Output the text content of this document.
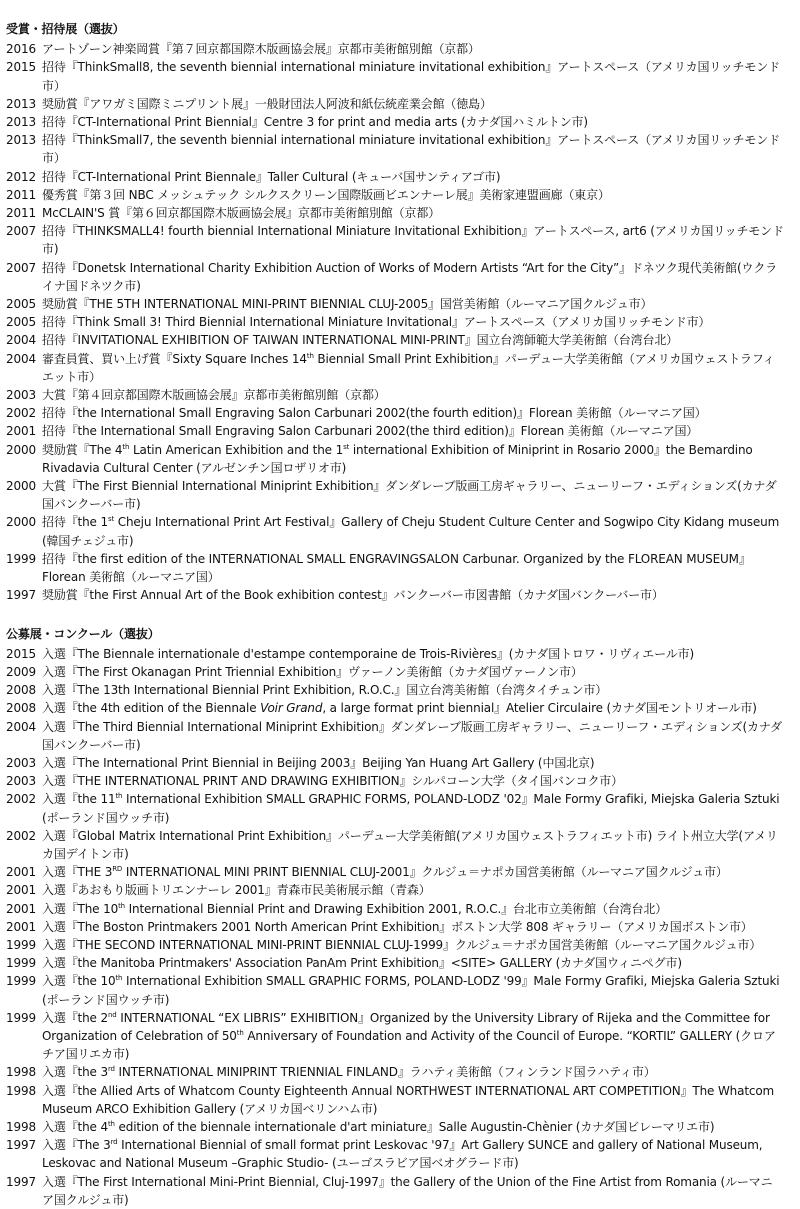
受賞・招待展（選抜）
2016 アートゾーン神楽岡賞『第７回京都国際木版画協会展』京都市美術館別館（京都）
2015 招待『ThinkSmall8, the seventh biennial international miniature invitational exhibition』アートスペース（アメリカ国リッチモンド市）
2013 奨励賞『アワガミ国際ミニプリント展』一般財団法人阿波和紙伝統産業会館（徳島）
2013 招待『CT-International Print Biennial』Centre 3 for print and media arts (カナダ国ハミルトン市)
2013 招待『ThinkSmall7, the seventh biennial international miniature invitational exhibition』アートスペース（アメリカ国リッチモンド市）
2012 招待『CT-International Print Biennale』Taller Cultural (キューバ国サンティアゴ市)
2011 優秀賞『第３回 NBC メッシュテック シルクスクリーン国際版画ビエンナーレ展』美術家連盟画廊（東京）
2011 McCLAIN'S 賞『第６回京都国際木版画協会展』京都市美術館別館（京都）
2007 招待『THINKSMALL4! fourth biennial International Miniature Invitational Exhibition』アートスペース, art6 (アメリカ国リッチモンド市)
2007 招待『Donetsk International Charity Exhibition Auction of Works of Modern Artists “Art for the City”』ドネツク現代美術館(ウクライナ国ドネツク市)
2005 奨励賞『THE 5TH INTERNATIONAL MINI-PRINT BIENNIAL CLUJ-2005』国営美術館（ルーマニア国クルジュ市）
2005 招待『Think Small 3! Third Biennial International Miniature Invitational』アートスペース（アメリカ国リッチモンド市）
2004 招待『INVITATIONAL EXHIBITION OF TAIWAN INTERNATIONAL MINI-PRINT』国立台湾師範大学美術館（台湾台北）
2004 審査員賞、買い上げ賞『Sixty Square Inches 14th Biennial Small Print Exhibition』パーデュー大学美術館（アメリカ国ウェストラフィエット市）
2003 大賞『第４回京都国際木版画協会展』京都市美術館別館（京都）
2002 招待『the International Small Engraving Salon Carbunari 2002(the fourth edition)』Florean 美術館（ルーマニア国）
2001 招待『the International Small Engraving Salon Carbunari 2002(the third edition)』Florean 美術館（ルーマニア国）
2000 奨励賞『The 4th Latin American Exhibition and the 1st international Exhibition of Miniprint in Rosario 2000』the Bemardino Rivadavia Cultural Center (アルゼンチン国ロザリオ市)
2000 大賞『The First Biennial International Miniprint Exhibition』ダンダレーブ版画工房ギャラリー、ニューリーフ・エディションズ(カナダ国バンクーバー市)
2000 招待『the 1st Cheju International Print Art Festival』Gallery of Cheju Student Culture Center and Sogwipo City Kidang museum (韓国チェジュ市)
1999 招待『the first edition of the INTERNATIONAL SMALL ENGRAVINGSALON Carbunar. Organized by the FLOREAN MUSEUM』Florean 美術館（ルーマニア国）
1997 奨励賞『the First Annual Art of the Book exhibition contest』バンクーバー市図書館（カナダ国バンクーバー市）
公募展・コンクール（選抜）
2015 入選『The Biennale internationale d'estampe contemporaine de Trois-Rivières』(カナダ国トロワ・リヴィエール市)
2009 入選『The First Okanagan Print Triennial Exhibition』ヴァーノン美術館（カナダ国ヴァーノン市）
2008 入選『The 13th International Biennial Print Exhibition, R.O.C.』国立台湾美術館（台湾タイチュン市）
2008 入選『the 4th edition of the Biennale Voir Grand, a large format print biennial』Atelier Circulaire (カナダ国モントリオール市)
2004 入選『The Third Biennial International Miniprint Exhibition』ダンダレーブ版画工房ギャラリー、ニューリーフ・エディションズ(カナダ国バンクーバー市)
2003 入選『The International Print Biennial in Beijing 2003』Beijing Yan Huang Art Gallery (中国北京)
2003 入選『THE INTERNATIONAL PRINT AND DRAWING EXHIBITION』シルパコーン大学（タイ国バンコク市）
2002 入選『the 11th International Exhibition SMALL GRAPHIC FORMS, POLAND-LODZ '02』Male Formy Grafiki, Miejska Galeria Sztuki (ポーランド国ウッチ市)
2002 入選『Global Matrix International Print Exhibition』パーデュー大学美術館(アメリカ国ウェストラフィエット市) ライト州立大学(アメリカ国デイトン市)
2001 入選『THE 3RD INTERNATIONAL MINI PRINT BIENNIAL CLUJ-2001』クルジュ＝ナポカ国営美術館（ルーマニア国クルジュ市）
2001 入選『あおもり版画トリエンナーレ 2001』青森市民美術展示館（青森）
2001 入選『The 10th International Biennial Print and Drawing Exhibition 2001, R.O.C.』台北市立美術館（台湾台北）
2001 入選『The Boston Printmakers 2001 North American Print Exhibition』ボストン大学 808 ギャラリー（アメリカ国ボストン市）
1999 入選『THE SECOND INTERNATIONAL MINI-PRINT BIENNIAL CLUJ-1999』クルジュ＝ナポカ国営美術館（ルーマニア国クルジュ市）
1999 入選『the Manitoba Printmakers' Association PanAm Print Exhibition』<SITE> GALLERY (カナダ国ウィニペグ市)
1999 入選『the 10th International Exhibition SMALL GRAPHIC FORMS, POLAND-LODZ '99』Male Formy Grafiki, Miejska Galeria Sztuki (ポーランド国ウッチ市)
1999 入選『the 2nd INTERNATIONAL “EX LIBRIS” EXHIBITION』Organized by the University Library of Rijeka and the Committee for Organization of Celebration of 50th Anniversary of Foundation and Activity of the Council of Europe. “KORTIL” GALLERY (クロアチア国リエカ市)
1998 入選『the 3rd INTERNATIONAL MINIPRINT TRIENNIAL FINLAND』ラハティ美術館（フィンランド国ラハティ市）
1998 入選『the Allied Arts of Whatcom County Eighteenth Annual NORTHWEST INTERNATIONAL ART COMPETITION』The Whatcom Museum ARCO Exhibition Gallery (アメリカ国ベリンハム市)
1998 入選『the 4th edition of the biennale internationale d'art miniature』Salle Augustin-Chènier (カナダ国ビレーマリエ市)
1997 入選『The 3rd International Biennial of small format print Leskovac '97』Art Gallery SUNCE and gallery of National Museum, Leskovac and National Museum –Graphic Studio- (ユーゴスラビア国ベオグラード市)
1997 入選『The First International Mini-Print Biennial, Cluj-1997』the Gallery of the Union of the Fine Artist from Romania (ルーマニア国クルジュ市)
